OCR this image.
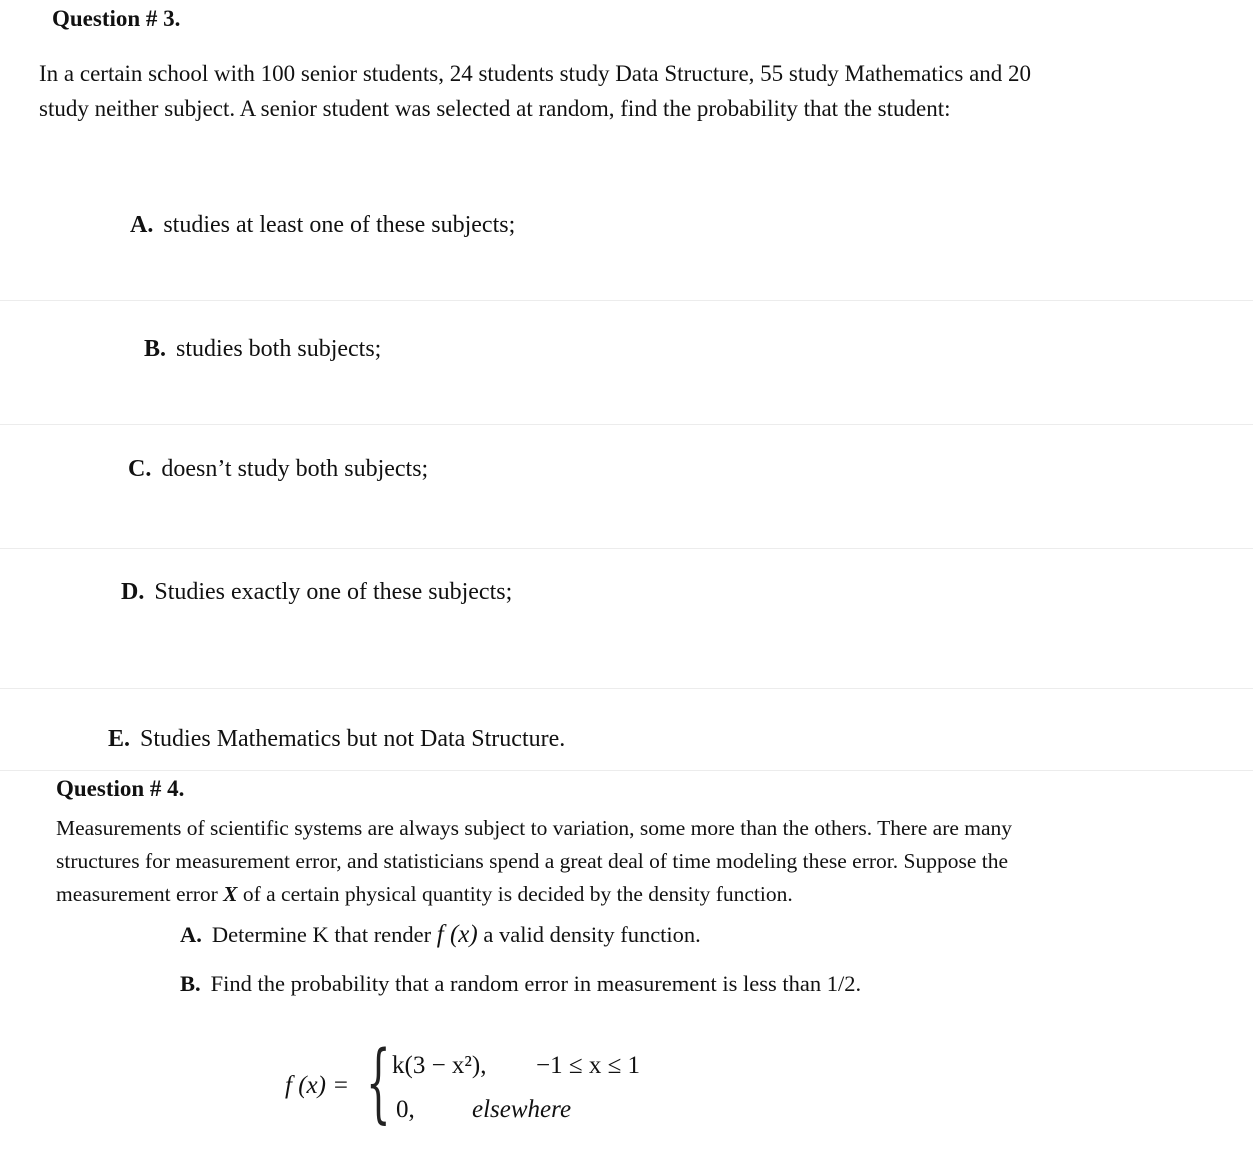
Question # 3.
In a certain school with 100 senior students, 24 students study Data Structure, 55 study Mathematics and 20
study neither subject. A senior student was selected at random, find the probability that the student:
A. studies at least one of these subjects;
B. studies both subjects;
C. doesn’t study both subjects;
D. Studies exactly one of these subjects;
E. Studies Mathematics but not Data Structure.
Question # 4.
Measurements of scientific systems are always subject to variation, some more than the others. There are many
structures for measurement error, and statisticians spend a great deal of time modeling these error. Suppose the
measurement error X of a certain physical quantity is decided by the density function.
A. Determine K that render f (x) a valid density function.
B. Find the probability that a random error in measurement is less than 1/2.
f (x) = { k(3 − x²), −1 ≤ x ≤ 1
0, elsewhere
